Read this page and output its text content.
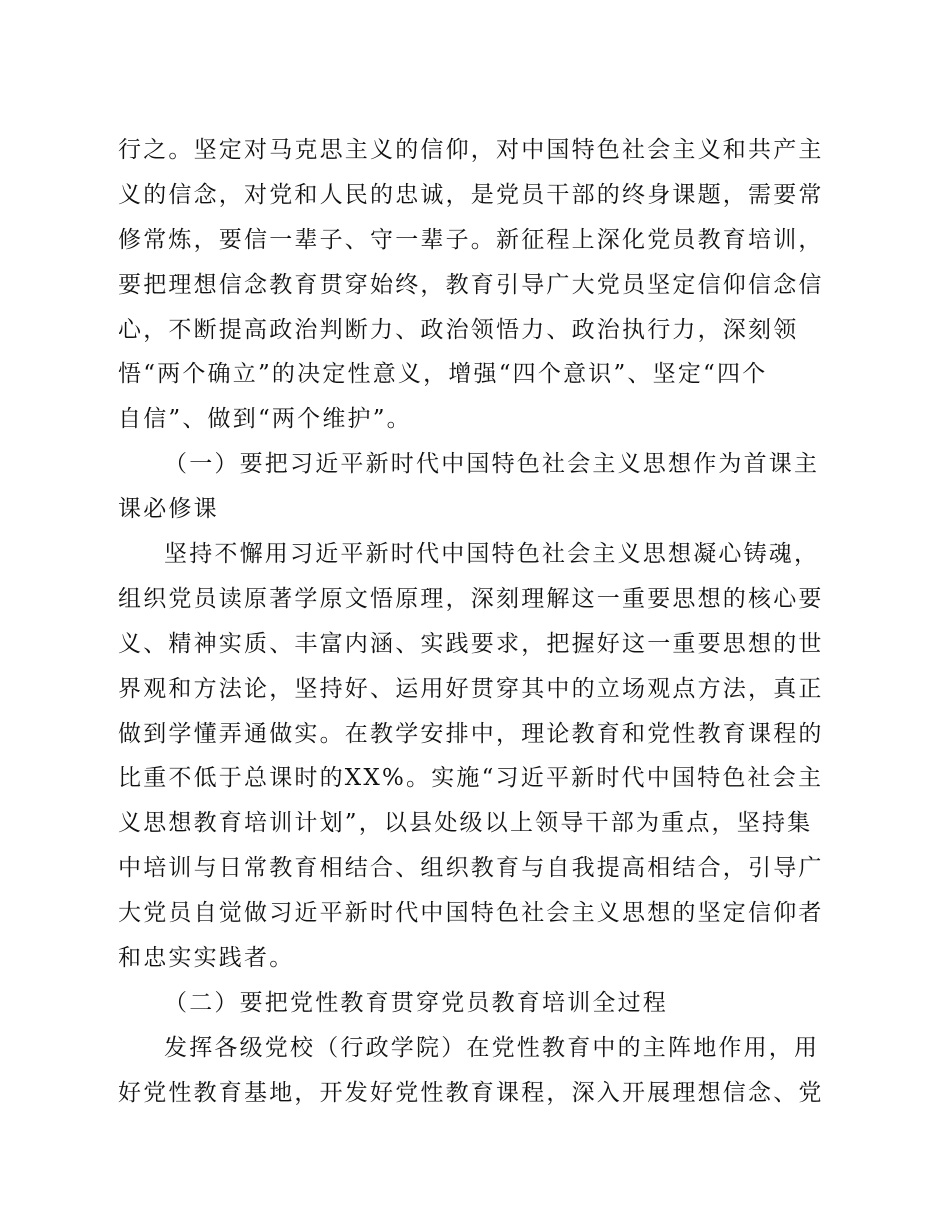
行之。坚定对马克思主义的信仰，对中国特色社会主义和共产主
义的信念，对党和人民的忠诚，是党员干部的终身课题，需要常
修常炼，要信一辈子、守一辈子。新征程上深化党员教育培训，
要把理想信念教育贯穿始终，教育引导广大党员坚定信仰信念信
心，不断提高政治判断力、政治领悟力、政治执行力，深刻领
悟“两个确立”的决定性意义，增强“四个意识”、坚定“四个
自信”、做到“两个维护”。
（一）要把习近平新时代中国特色社会主义思想作为首课主
课必修课
坚持不懈用习近平新时代中国特色社会主义思想凝心铸魂，
组织党员读原著学原文悟原理，深刻理解这一重要思想的核心要
义、精神实质、丰富内涵、实践要求，把握好这一重要思想的世
界观和方法论，坚持好、运用好贯穿其中的立场观点方法，真正
做到学懂弄通做实。在教学安排中，理论教育和党性教育课程的
比重不低于总课时的XX%。实施“习近平新时代中国特色社会主
义思想教育培训计划”，以县处级以上领导干部为重点，坚持集
中培训与日常教育相结合、组织教育与自我提高相结合，引导广
大党员自觉做习近平新时代中国特色社会主义思想的坚定信仰者
和忠实实践者。
（二）要把党性教育贯穿党员教育培训全过程
发挥各级党校（行政学院）在党性教育中的主阵地作用，用
好党性教育基地，开发好党性教育课程，深入开展理想信念、党
